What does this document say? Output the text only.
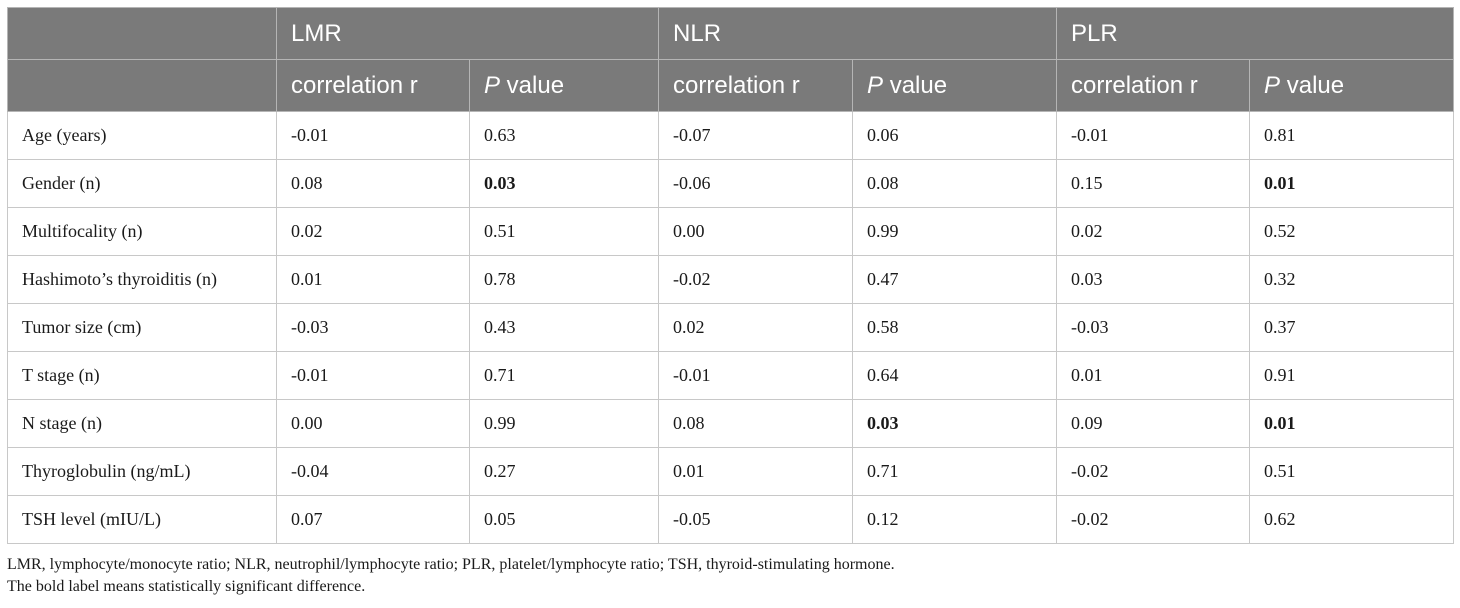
	LMR		NLR		PLR	
	correlation r	P value	correlation r	P value	correlation r	P value
Age (years)	-0.01	0.63	-0.07	0.06	-0.01	0.81
Gender (n)	0.08	0.03	-0.06	0.08	0.15	0.01
Multifocality (n)	0.02	0.51	0.00	0.99	0.02	0.52
Hashimoto’s thyroiditis (n)	0.01	0.78	-0.02	0.47	0.03	0.32
Tumor size (cm)	-0.03	0.43	0.02	0.58	-0.03	0.37
T stage (n)	-0.01	0.71	-0.01	0.64	0.01	0.91
N stage (n)	0.00	0.99	0.08	0.03	0.09	0.01
Thyroglobulin (ng/mL)	-0.04	0.27	0.01	0.71	-0.02	0.51
TSH level (mIU/L)	0.07	0.05	-0.05	0.12	-0.02	0.62
LMR, lymphocyte/monocyte ratio; NLR, neutrophil/lymphocyte ratio; PLR, platelet/lymphocyte ratio; TSH, thyroid-stimulating hormone.
The bold label means statistically significant difference.
